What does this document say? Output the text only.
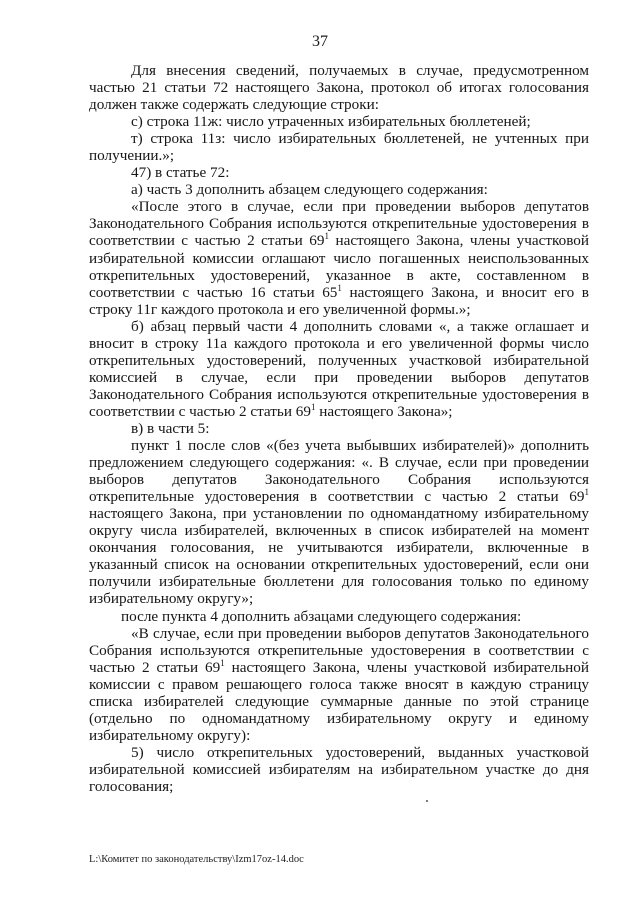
37

Для внесения сведений, получаемых в случае, предусмотренном частью 21 статьи 72 настоящего Закона, протокол об итогах голосования должен также содержать следующие строки:

с) строка 11ж: число утраченных избирательных бюллетеней;

т) строка 11з: число избирательных бюллетеней, не учтенных при получении.»;

47) в статье 72:

а) часть 3 дополнить абзацем следующего содержания:

«После этого в случае, если при проведении выборов депутатов Законодательного Собрания используются открепительные удостоверения в соответствии с частью 2 статьи $69^1$ настоящего Закона, члены участковой избирательной комиссии оглашают число погашенных неиспользованных открепительных удостоверений, указанное в акте, составленном в соответствии с частью 16 статьи $65^1$ настоящего Закона, и вносит его в строку 11г каждого протокола и его увеличенной формы.»;

б) абзац первый части 4 дополнить словами «, а также оглашает и вносит в строку 11а каждого протокола и его увеличенной формы число открепительных удостоверений, полученных участковой избирательной комиссией в случае, если при проведении выборов депутатов Законодательного Собрания используются открепительные удостоверения в соответствии с частью 2 статьи $69^1$ настоящего Закона»;

в) в части 5:

пункт 1 после слов «(без учета выбывших избирателей)» дополнить предложением следующего содержания: «. В случае, если при проведении выборов депутатов Законодательного Собрания используются открепительные удостоверения в соответствии с частью 2 статьи $69^1$ настоящего Закона, при установлении по одномандатному избирательному округу числа избирателей, включенных в список избирателей на момент окончания голосования, не учитываются избиратели, включенные в указанный список на основании открепительных удостоверений, если они получили избирательные бюллетени для голосования только по единому избирательному округу»;

после пункта 4 дополнить абзацами следующего содержания:

«В случае, если при проведении выборов депутатов Законодательного Собрания используются открепительные удостоверения в соответствии с частью 2 статьи $69^1$ настоящего Закона, члены участковой избирательной комиссии с правом решающего голоса также вносят в каждую страницу списка избирателей следующие суммарные данные по этой странице (отдельно по одномандатному избирательному округу и единому избирательному округу):

5) число открепительных удостоверений, выданных участковой избирательной комиссией избирателям на избирательном участке до дня голосования;

L:\Комитет по законодательству\Izm17oz-14.doc
